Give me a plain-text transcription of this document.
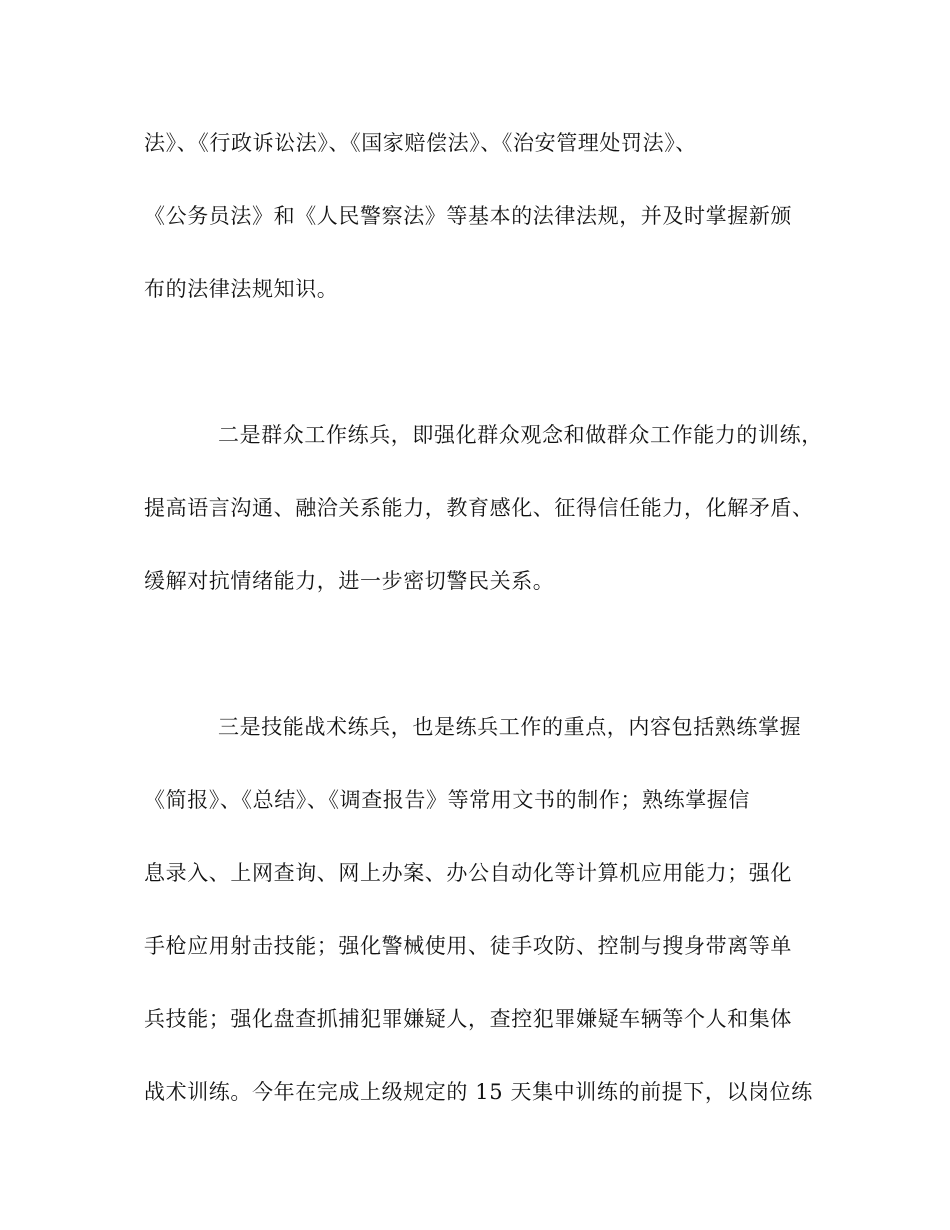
法》、《行政诉讼法》、《国家赔偿法》、《治安管理处罚法》、

《公务员法》和《人民警察法》等基本的法律法规，并及时掌握新颁

布的法律法规知识。

二是群众工作练兵，即强化群众观念和做群众工作能力的训练，

提高语言沟通、融洽关系能力，教育感化、征得信任能力，化解矛盾、

缓解对抗情绪能力，进一步密切警民关系。

三是技能战术练兵，也是练兵工作的重点，内容包括熟练掌握

《简报》、《总结》、《调查报告》等常用文书的制作；熟练掌握信

息录入、上网查询、网上办案、办公自动化等计算机应用能力；强化

手枪应用射击技能；强化警械使用、徒手攻防、控制与搜身带离等单

兵技能；强化盘查抓捕犯罪嫌疑人，查控犯罪嫌疑车辆等个人和集体

战术训练。今年在完成上级规定的 15 天集中训练的前提下，以岗位练
